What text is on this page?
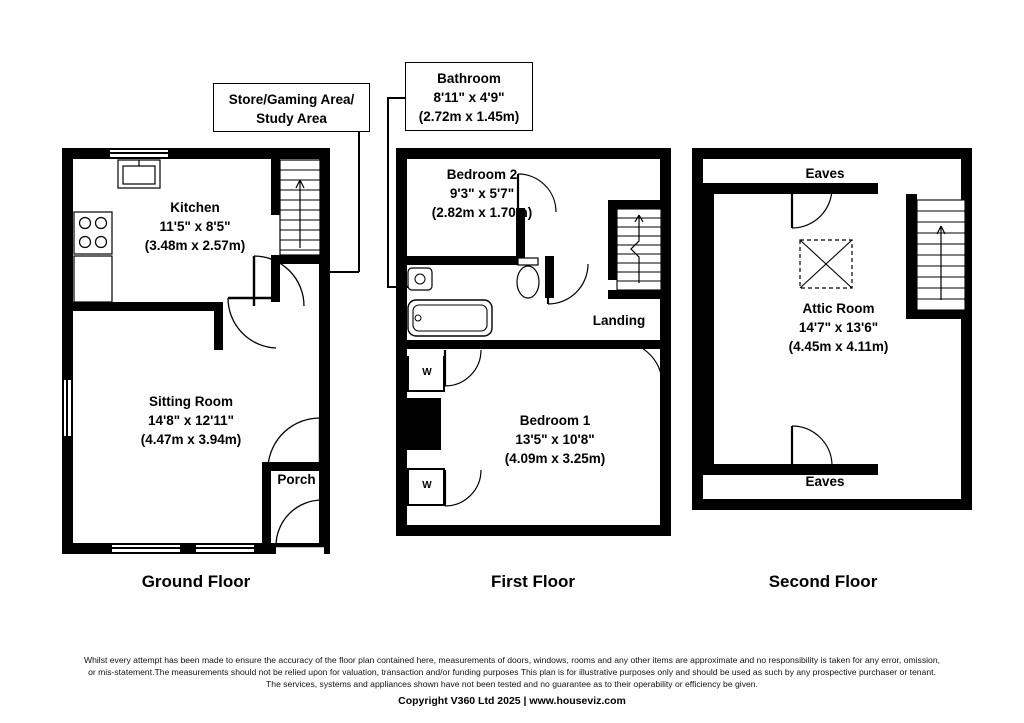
Kitchen
11'5" x 8'5"
(3.48m x 2.57m)
Sitting Room
14'8" x 12'11"
(4.47m x 3.94m)
Porch
Ground Floor
Store/Gaming Area/
Study Area
Bathroom
8'11" x 4'9"
(2.72m x 1.45m)
W
W
Bedroom 2
9'3" x 5'7"
(2.82m x 1.70m)
Bedroom 1
13'5" x 10'8"
(4.09m x 3.25m)
Landing
First Floor
Eaves
Eaves
Attic Room
14'7" x 13'6"
(4.45m x 4.11m)
Second Floor
Whilst every attempt has been made to ensure the accuracy of the floor plan contained here, measurements of doors, windows, rooms and any other items are approximate and no responsibility is taken for any error, omission,
or mis-statement.The measurements should not be relied upon for valuation, transaction and/or funding purposes This plan is for illustrative purposes only and should be used as such by any prospective purchaser or tenant.
The services, systems and appliances shown have not been tested and no guarantee as to their operability or efficiency be given.
Copyright V360 Ltd 2025 | www.houseviz.com
